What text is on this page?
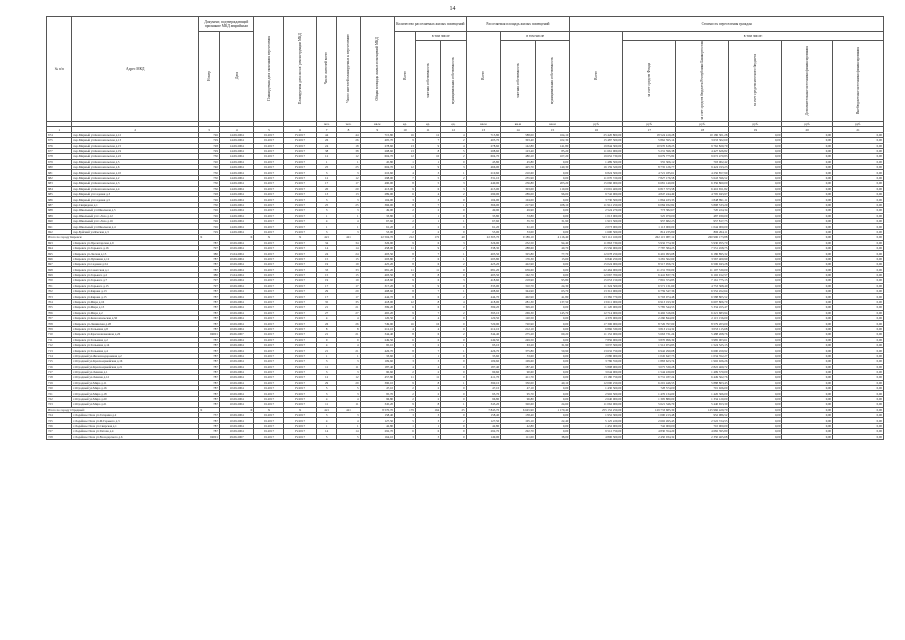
14
№ п/п	Адрес МКД	Документ, подтверждающий признание МКД аварийным		Планируемая дата окончания переселения	Планируемая дата сноса/ реконструкции МКД	Число жителей всего	Число жителей планируемых к переселению	Общая площадь жилых помещений МКД	Количество расселяемых жилых помещений			Расселяемая площадь жилых помещений			Стоимость переселения граждан					
		Номер	Дата						Всего	в том числе		Всего	в том числе		Всего	в том числе:				
										частная собственность	муниципальная собственность		частная собственность	муниципальная собственность		за счет средств Фонда	за счет средств бюджета Республики Башкортостан	за счет средств местного бюджета	Дополнительные источники финансирования	Внебюджетные источники финансирования
						чел.	чел.	кв.м	ед.	ед.	ед.	кв.м	кв.м	кв.м	руб.	руб.	руб.	руб.	руб.	руб.
1	2	3	4	5	6	7	8	9	10	11	12	13	14	15	16	17	18	19	20	21
674	пер.Мирный ул.Комсомольская д.12	726	14.09.2004	01.2017	IV.2017	44	44	715,80	16	12	4	715,80	588,00	164,10	25 420 800,00	18 524 419,28	10 186 301,28	0,00	0,00	0,00
675	пер.Мирный ул.Комсомольская д.13	729	14.09.2004	01.2017	IV.2017	26	26	405,70	9	7	2	405,70	303,40	102,30	15 487 500,00	5 862 595,14	3 633 302,60	0,00	0,00	0,00
676	пер.Мирный ул.Комсомольская д.15	728	14.09.2004	01.2017	IV.2017	24	18	278,60	13	9	4	278,60	142,80	141,80	19 844 300,00	10 970 618,25	9 762 820,79	0,00	0,00	0,00
677	пер.Мирный ул.Комсомольская д.19	729	14.09.2004	01.2017	IV.2017	38	38	208,60	13	8	5	208,60	123,40	85,20	11 661 000,00	5 231 596,38	4 427 626,82	0,00	0,00	0,00
678	пер.Мирный ул.Комсомольская д.22	730	14.09.2004	01.2017	IV.2017	12	12	604,70	12	10	2	604,70	480,20	107,20	19 652 730,00	9 679 775,82	9 672 470,83	0,00	0,00	0,00
679	пер.Мирный ул.Комсомольская д.5	720	14.09.2004	01.2017	IV.2017	1	1	45,80	1	1	0	45,80	45,80	0,00	1 489 500,00	555 306,12	703 002,42	0,00	0,00	0,00
680	пер.Мирный ул.Комсомольская д.6	740	14.09.2004	01.2017	IV.2017	25	25	604,70	12	9	3	466,00	425,70	140,30	16 159 320,00	8 735 126,77	9 424 193,23	0,00	0,00	0,00
681	пер.Мирный ул.Комсомольская д.10	730	14.09.2004	01.2017	IV.2017	3	3	210,60	4	3	1	210,60	210,60	0,00	6 824 500,00	4 721 185,61	4 256 857,99	0,00	0,00	0,00
682	пер.Мирный ул.Комсомольская д.2	730	14.09.2004	01.2017	IV.2017	12	12	298,00	7	5	2	331,10	255,90	0,00	11 070 720,00	7 827 176,58	5 643 596,52	0,00	0,00	0,00
683	пер.Мирный ул.Комсомольская д.3	730	14.09.2004	01.2017	IV.2017	17	17	490,00	8	5	3	440,00	236,80	203,20	15 060 000,00	6 681 140,00	6 356 860,00	0,00	0,00	0,00
684	пер.Мирный ул.Комсомольская д.4	730	14.09.2004	01.2017	IV.2017	20	20	413,00	9	6	3	413,00	303,00	110,00	13 091 400,00	6 817 373,58	6 416 651,82	0,00	0,00	0,00
685	пер.Мирный ул.Садовая д.3	728	14.09.2004	01.2017	IV.2017	13	13	289,00	6	4	2	290,00	289,00	96,00	9 742 000,00	4 847 244,49	4 795 043,97	0,00	0,00	0,00
686	пер.Мирный ул.Садовая д.5	726	14.09.2004	01.2017	IV.2017	3	3	104,00	3	3	0	104,00	104,00	0,00	3 730 500,00	1 864 433,33	1 848 891,11	0,00	0,00	0,00
687	пер.Свиридова д.1	730	14.09.2004	01.2017	IV.2017	25	25	366,00	8	7	1	366,00	217,90	108,10	11 912 250,00	6 084 032,82	5 808 533,29	0,00	0,00	0,00
688	пер.Школьный ул.Школьная д.5	726	14.09.2004	01.2017	IV.2017	3	3	49,00	2	2	0	49,90	49,90	0,00	2 524 270,00	773 382,67	720 224,34	0,00	0,00	0,00
689	пер.Школьный ул.С.Лазо д.12	726	14.09.2004	01.2017	IV.2017	1	1	33,80	1	1	0	33,80	33,80	0,00	1 013 000,00	525 070,00	487 930,00	0,00	0,00	0,00
690	пер.Школьный ул.С.Лазо д.16	726	14.09.2004	01.2017	IV.2017	4	4	67,60	2	1	1	67,60	35,70	31,90	1 915 500,00	957 682,25	957 817,75	0,00	0,00	0,00
691	пер.Школьный ул.Школьная д.4	726	14.09.2004	01.2017	IV.2017	1	1	61,20	2	2	0	61,20	61,20	0,00	2 073 000,00	1 113 000,00	1 044 000,00	0,00	0,00	0,00
692	пер.Буйский ул.Ямская д.3	729	14.09.2004	01.2017	IV.2017	3	3	53,00	2	2	0	53,00	53,00	0,00	1 600 500,00	814 235,89	806 264,11	0,00	0,00	0,00
Итого по городу Кировск:		X	X	X	X	421	421	22 504,70	212	172	40	22 305,70	9 189,10	4 116,40	523 112 160,00	262 115 987,12	260 996 173,88	0,00	0,00	0,00
693	г.Кировск ул.Пролетарская д.9	787	10.09.2004	01.2017	IV.2017	34	34	326,90	9	6	3	326,90	232,50	94,40	11 863 730,00	5 932 774,30	5 930 955,70	0,00	0,00	0,00
694	г.Кировск ул.Горького д.16	797	10.09.2004	01.2017	IV.2017	14	14	458,00	11	9	2	338,30	288,60	49,70	15 556 000,00	7 787 584,25	7 551 458,75	0,00	0,00	0,00
695	г.Кировск ул.Лесная д.13	380	15.04.2004	01.2017	IV.2017	24	24	403,50	8	7	1	403,50	325,80	77,70	12 678 250,00	6 491 993,08	6 186 895,32	0,00	0,00	0,00
696	г.Кировск ул.Пушкина д.12	787	10.09.2004	01.2017	IV.2017	15	15	203,80	7	6	1	203,80	176,30	13,00	6 846 250,00	3 281 562,60	3 567 400,99	0,00	0,00	0,00
697	г.Кировск ул.Садовая д.54	787	10.09.2004	01.2017	IV.2017	19	19	425,20	8	6	2	425,20	422,90	0,00	15 024 000,00	8 517 956,72	6 506 043,28	0,00	0,00	0,00
698	г.Кировск ул.Советская д.1	787	10.09.2004	01.2017	IV.2017	33	33	681,20	11	11	0	681,20	639,60	0,00	22 464 000,00	11 231 700,00	11 197 530,00	0,00	0,00	0,00
699	г.Кировск ул.Горького д.2	380	15.04.2004	01.2017	IV.2017	15	15	403,50	8	8	0	403,50	162,70	0,00	12 067 700,00	6 441 837,76	6 102 012,57	0,00	0,00	0,00
700	г.Кировск ул.Горького д.7	797	10.09.2004	01.2017	IV.2017	19	19	418,60	9	6	3	418,60	218,90	95,80	15 053 150,00	7 891 374,85	7 161 775,15	0,00	0,00	0,00
701	г.Кировск ул.Горького д.15	797	10.09.2004	01.2017	IV.2017	17	17	317,20	9	9	0	335,00	310,70	24,30	11 324 500,00	6 571 131,60	4 753 368,40	0,00	0,00	0,00
702	г.Кировск ул.Кирова д.13	787	10.09.2004	01.2017	IV.2017	29	29	408,60	8	7	1	408,60	344,90	63,70	13 312 000,00	6 759 547,36	6 552 452,64	0,00	0,00	0,00
703	г.Кировск ул.Кирова д.15	787	10.09.2004	01.2017	IV.2017	17	17	444,70	8	6	2	444,70	402,90	41,80	13 382 770,00	6 793 974,48	6 588 805,52	0,00	0,00	0,00
704	г.Кировск ул.Мира д.16	787	10.09.2004	01.2017	IV.2017	35	35	418,00	12	8	4	418,00	281,30	137,50	13 611 000,00	6 913 193,30	6 697 806,70	0,00	0,00	0,00
705	г.Кировск ул.Мира д.13	787	10.09.2004	01.2017	IV.2017	21	21	399,20	6	6	0	399,20	399,20	0,00	11 120 000,00	5 785 544,53	5 334 455,47	0,00	0,00	0,00
706	г.Кировск ул.Мира д.2	787	10.09.2004	01.2017	IV.2017	27	27	465,20	9	7	2	395,10	269,30	145,70	12 714 000,00	6 492 316,06	6 221 683,94	0,00	0,00	0,00
707	г.Кировск ул.Комсомольская д.50	787	10.09.2004	01.2017	IV.2017	4	4	120,50	4	4	0	120,50	120,50	0,00	4 376 000,00	2 260 844,00	2 115 156,00	0,00	0,00	0,00
708	г.Кировск ул.Ленинская д.28	787	10.09.2004	01.2017	IV.2017	26	26	749,90	16	16	0	720,90	720,90	0,00	17 306 000,00	8 726 797,00	8 579 203,00	0,00	0,00	0,00
709	г.Кировск ул.Тельмана д.8	787	10.09.2004	01.2017	IV.2017	8	8	212,10	4	4	0	212,10	212,10	0,00	6 866 330,00	3 813 214,32	3 053 115,68	0,00	0,00	0,00
710	г.Кировск ул.Краснознаменная д.26	69001	29.06.2007	01.2017	IV.2017	21	21	344,40	8	6	2	344,40	275,20	69,20	11 152 000,00	5 663 731,24	5 488 268,76	0,00	0,00	0,00
711	г.Кировск ул.Тельмана д.2	787	10.09.2004	01.2017	IV.2017	9	9	249,50	6	6	0	249,50	249,50	0,00	7 856 000,00	3 870 996,39	3 985 003,61	0,00	0,00	0,00
712	г.Кировск ул.Тельмана д.14	787	10.09.2004	01.2017	IV.2017	4	4	95,10	3	2	1	95,10	63,20	31,90	3 037 500,00	1 512 974,85	1 524 525,15	0,00	0,00	0,00
713	г.Кировск ул.Тельмана д.4	787	10.09.2004	01.2017	IV.2017	21	21	426,70	8	7	1	426,70	375,80	50,90	13 632 750,00	6 942 290,08	6 690 459,92	0,00	0,00	0,00
714	г.Отрадный ул.Железнодорожная д.2	787	10.09.2004	01.2017	IV.2017	1	1	33,60	1	1	0	33,60	33,60	0,00	2 080 000,00	1 045 647,73	1 034 352,27	0,00	0,00	0,00
715	г.Отрадный ул.Красноармейская д.16	787	10.09.2004	01.2017	IV.2017	3	3	109,60	3	3	0	109,60	109,60	0,00	3 786 550,00	1 883 623,74	1 902 926,26	0,00	0,00	0,00
716	г.Отрадный ул.Красноармейская д.21	787	10.09.2004	01.2017	IV.2017	11	11	187,40	4	4	0	187,40	187,40	0,00	5 898 000,00	3 075 530,28	2 822 469,72	0,00	0,00	0,00
717	г.Отрадный ул.Ленина д.1	787	10.09.2004	01.2017	IV.2017	3	3	90,60	2	2	0	90,60	90,60	0,00	3 044 000,00	1 544 430,00	1 499 570,00	0,00	0,00	0,00
718	г.Отрадный ул.Ленина д.12	787	10.09.2004	01.2017	IV.2017	12	12	457,80	11	11	0	411,70	411,70	0,00	13 180 750,00	6 731 187,24	6 449 562,76	0,00	0,00	0,00
719	г.Отрадный ул.Мира д.11	787	10.09.2004	01.2017	IV.2017	29	29	390,10	9	8	1	390,10	350,00	40,10	12 090 250,00	6 201 446,55	5 888 803,45	0,00	0,00	0,00
720	г.Отрадный ул.Мира д.16	787	10.09.2004	01.2017	IV.2017	5	5	47,10	2	2	0	47,10	47,10	0,00	1 430 500,00	728 574,00	701 926,00	0,00	0,00	0,00
721	г.Отрадный ул.Мира д.18	787	10.09.2004	01.2017	IV.2017	3	3	95,70	2	2	0	95,70	95,70	0,00	2 902 500,00	1 476 134,00	1 426 366,00	0,00	0,00	0,00
722	г.Отрадный ул.Мира д.20	787	10.09.2004	01.2017	IV.2017	4	4	96,80	2	2	0	96,80	96,80	0,00	2 640 000,00	1 305 880,00	1 334 120,00	0,00	0,00	0,00
723	г.Отрадный ул.Мира д.21	787	10.09.2004	01.2017	IV.2017	11	11	345,20	9	8	1	345,20	320,60	24,60	11 062 000,00	5 621 346,70	5 440 653,30	0,00	0,00	0,00
Итого по городу Отрадный:		X	X	X	X	421	421	8 570,70	179	164	25	7 843,70	6 645,90	1 170,40	255 152 250,00	129 733 685,30	125 966 429,70	0,00	0,00	0,00
724	г.Лодейное Поле ул.Гагарина д.2	757	10.09.2004	01.2017	IV.2017	3	3	158,40	3	3	0	158,40	158,40	0,00	1 952 300,00	1 000 213,48	952 086,52	0,00	0,00	0,00
725	г.Лодейное Поле ул.М.Горького д.3	787	10.09.2004	01.2017	IV.2017	4	4	127,50	5	3	2	127,50	105,10	22,40	5 125 220,00	2 602 495,45	2 522 724,55	0,00	0,00	0,00
726	г.Лодейное Поле ул.Свирская д.1	787	10.09.2004	01.2017	IV.2017	1	1	42,80	1	1	0	42,80	42,80	0,00	1 452 000,00	742 000,00	710 000,00	0,00	0,00	0,00
727	г.Лодейное Поле ул.Титова д.4	787	10.09.2004	01.2017	IV.2017	14	14	292,70	6	6	0	292,70	292,70	0,00	9 512 750,00	4 830 354,20	4 682 395,80	0,00	0,00	0,00
728	г.Лодейное Поле ул.Володарского д.6	69001	29.06.2007	01.2017	IV.2017	5	5	164,10	3	3	0	149,00	111,00	38,00	4 800 500,00	2 450 034,32	2 350 465,68	0,00	0,00	0,00
